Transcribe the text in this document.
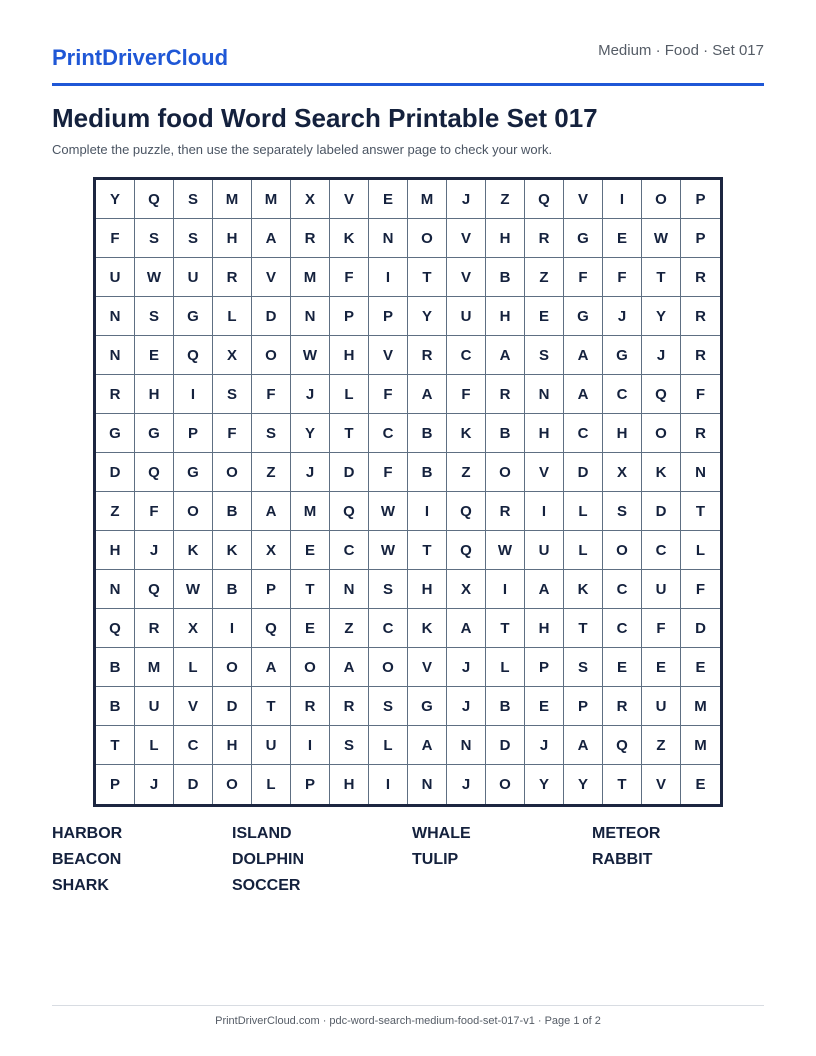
PrintDriverCloud	Medium · Food · Set 017
Medium food Word Search Printable Set 017
Complete the puzzle, then use the separately labeled answer page to check your work.
Y	Q	S	M	M	X	V	E	M	J	Z	Q	V	I	O	P
F	S	S	H	A	R	K	N	O	V	H	R	G	E	W	P
U	W	U	R	V	M	F	I	T	V	B	Z	F	F	T	R
N	S	G	L	D	N	P	P	Y	U	H	E	G	J	Y	R
N	E	Q	X	O	W	H	V	R	C	A	S	A	G	J	R
R	H	I	S	F	J	L	F	A	F	R	N	A	C	Q	F
G	G	P	F	S	Y	T	C	B	K	B	H	C	H	O	R
D	Q	G	O	Z	J	D	F	B	Z	O	V	D	X	K	N
Z	F	O	B	A	M	Q	W	I	Q	R	I	L	S	D	T
H	J	K	K	X	E	C	W	T	Q	W	U	L	O	C	L
N	Q	W	B	P	T	N	S	H	X	I	A	K	C	U	F
Q	R	X	I	Q	E	Z	C	K	A	T	H	T	C	F	D
B	M	L	O	A	O	A	O	V	J	L	P	S	E	E	E
B	U	V	D	T	R	R	S	G	J	B	E	P	R	U	M
T	L	C	H	U	I	S	L	A	N	D	J	A	Q	Z	M
P	J	D	O	L	P	H	I	N	J	O	Y	Y	T	V	E
HARBOR	ISLAND	WHALE	METEOR
BEACON	DOLPHIN	TULIP	RABBIT
SHARK	SOCCER
PrintDriverCloud.com · pdc-word-search-medium-food-set-017-v1 · Page 1 of 2
